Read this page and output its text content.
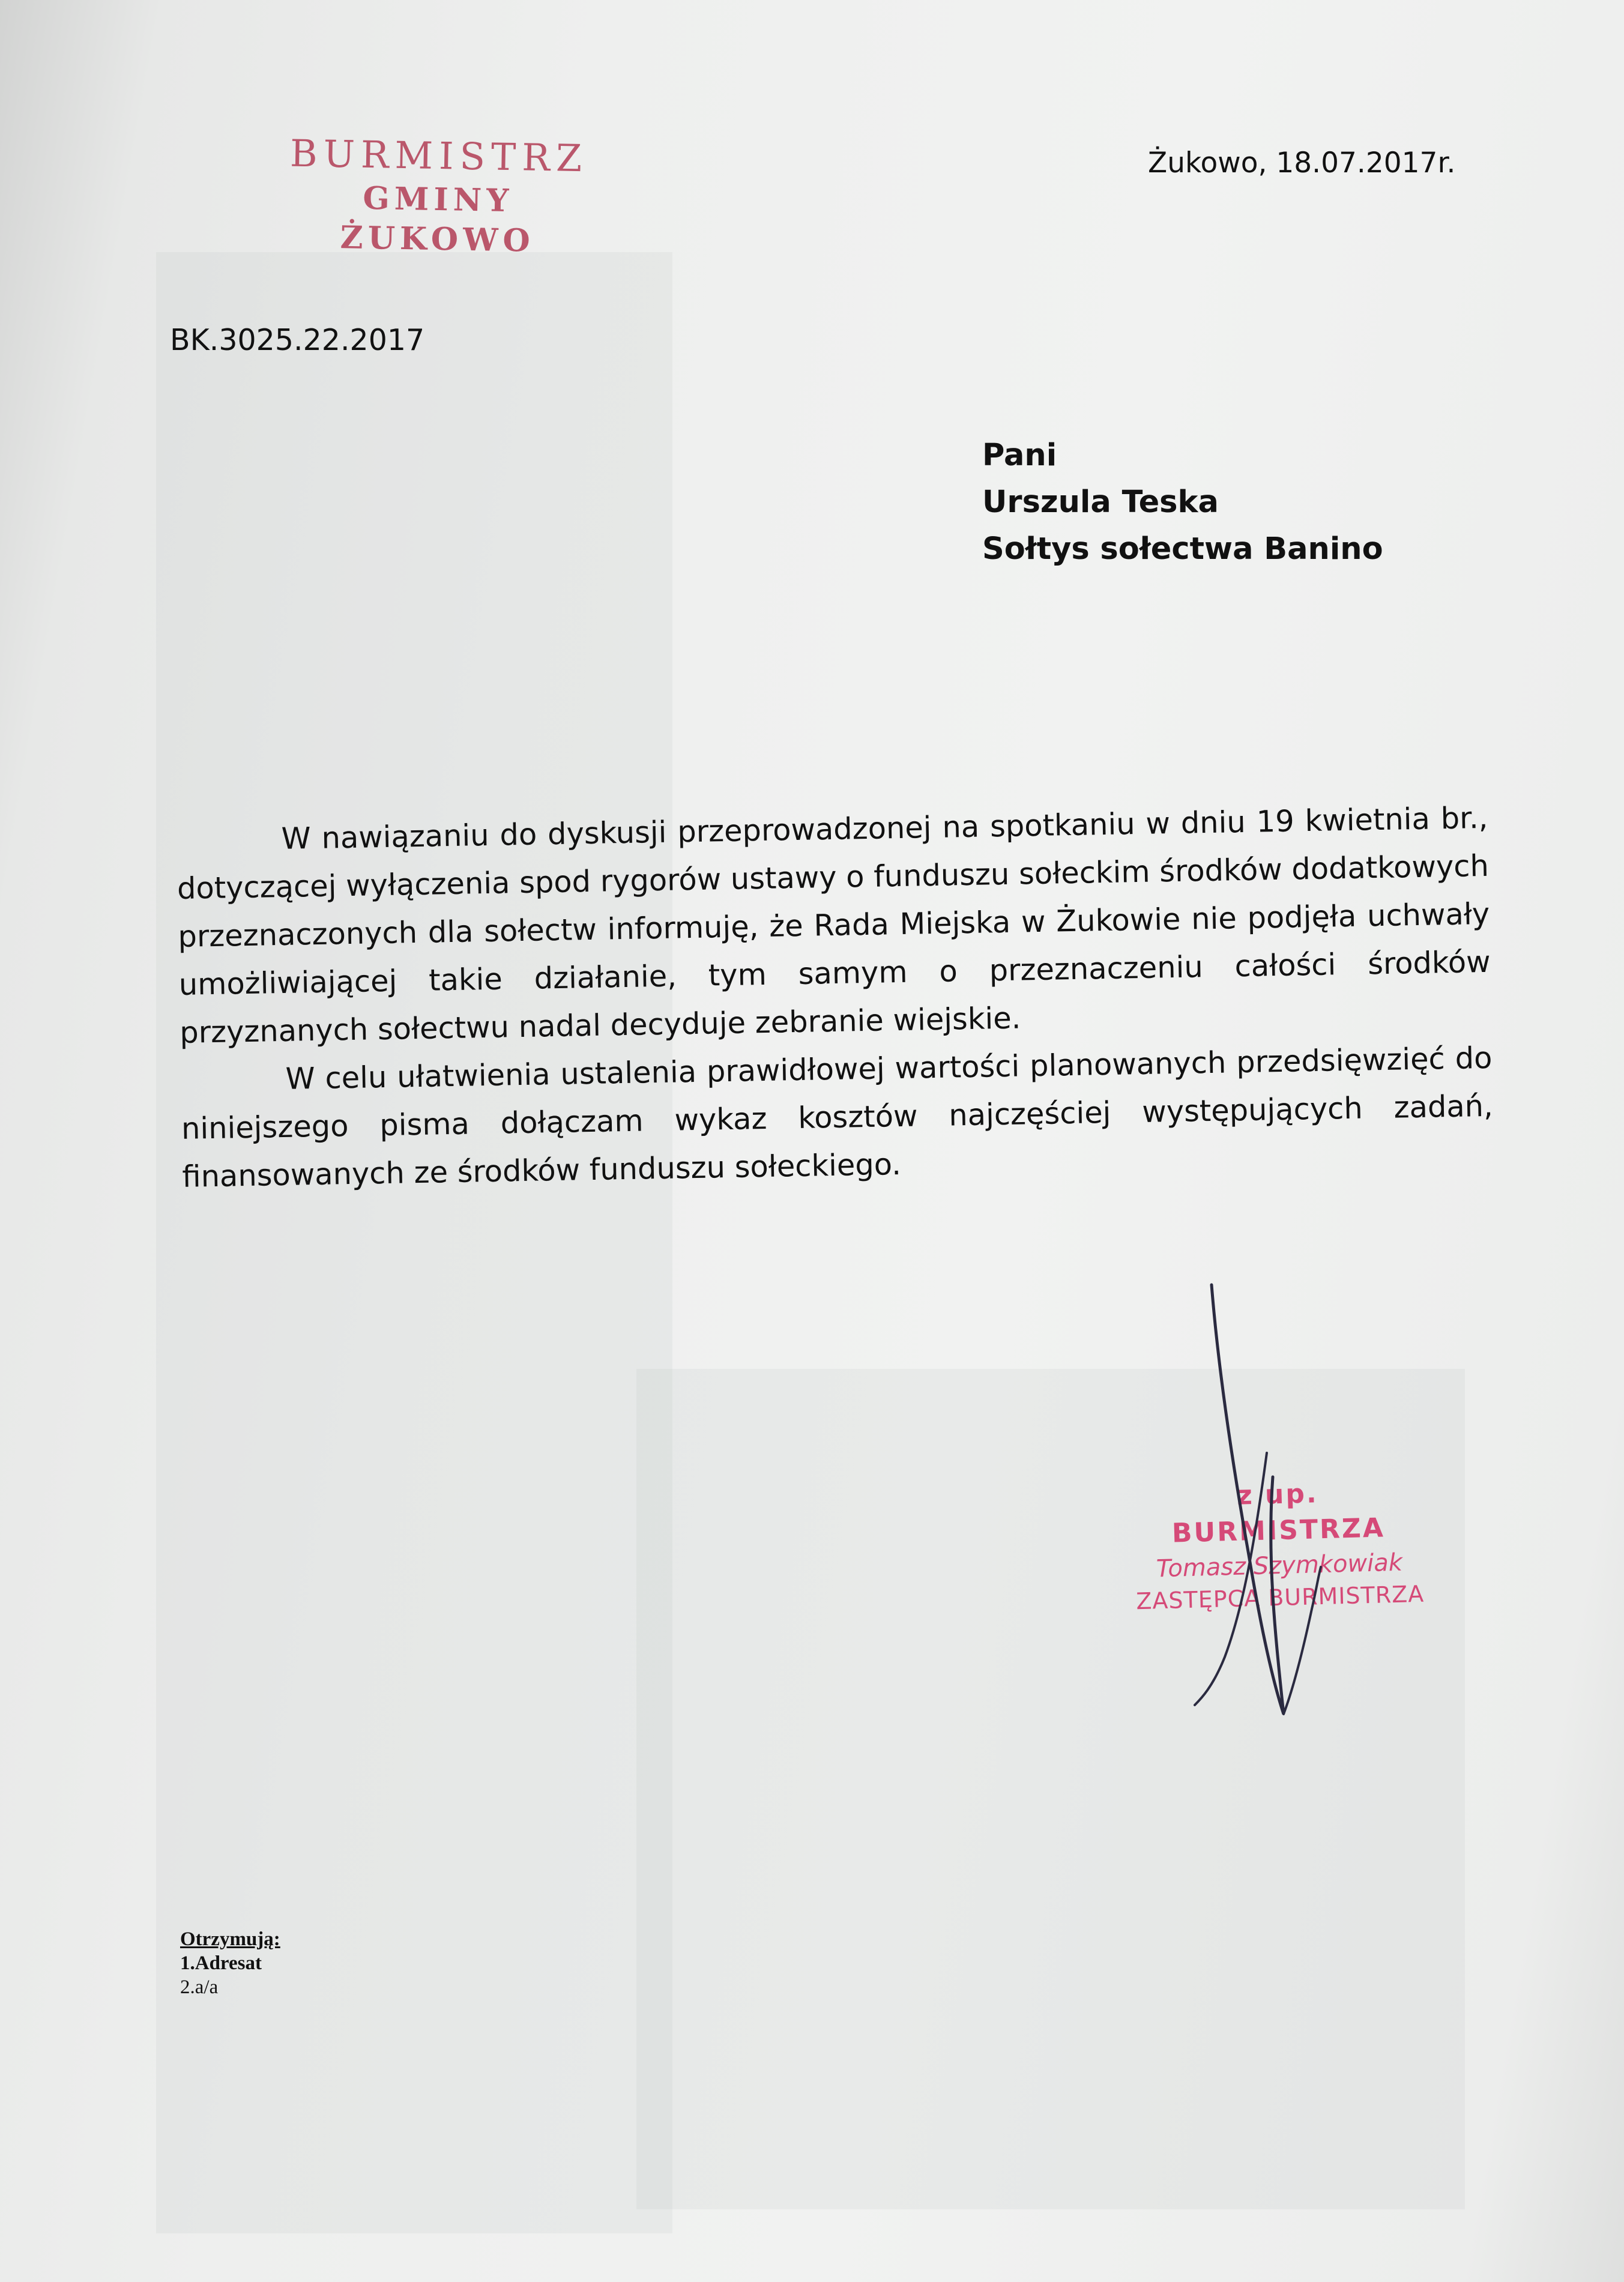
BURMISTRZ
GMINY ŻUKOWO
Żukowo, 18.07.2017r.
BK.3025.22.2017
Pani
Urszula Teska
Sołtys sołectwa Banino

W nawiązaniu do dyskusji przeprowadzonej na spotkaniu w dniu 19 kwietnia br., dotyczącej wyłączenia spod rygorów ustawy o funduszu sołeckim środków dodatkowych przeznaczonych dla sołectw informuję, że Rada Miejska w Żukowie nie podjęła uchwały umożliwiającej takie działanie, tym samym o przeznaczeniu całości środków przyznanych sołectwu nadal decyduje zebranie wiejskie.

W celu ułatwienia ustalenia prawidłowej wartości planowanych przedsięwzięć do niniejszego pisma dołączam wykaz kosztów najczęściej występujących zadań, finansowanych ze środków funduszu sołeckiego.

z up. BURMISTRZA
Tomasz Szymkowiak
ZASTĘPCA BURMISTRZA
Otrzymują:
1.Adresat
2.a/a
